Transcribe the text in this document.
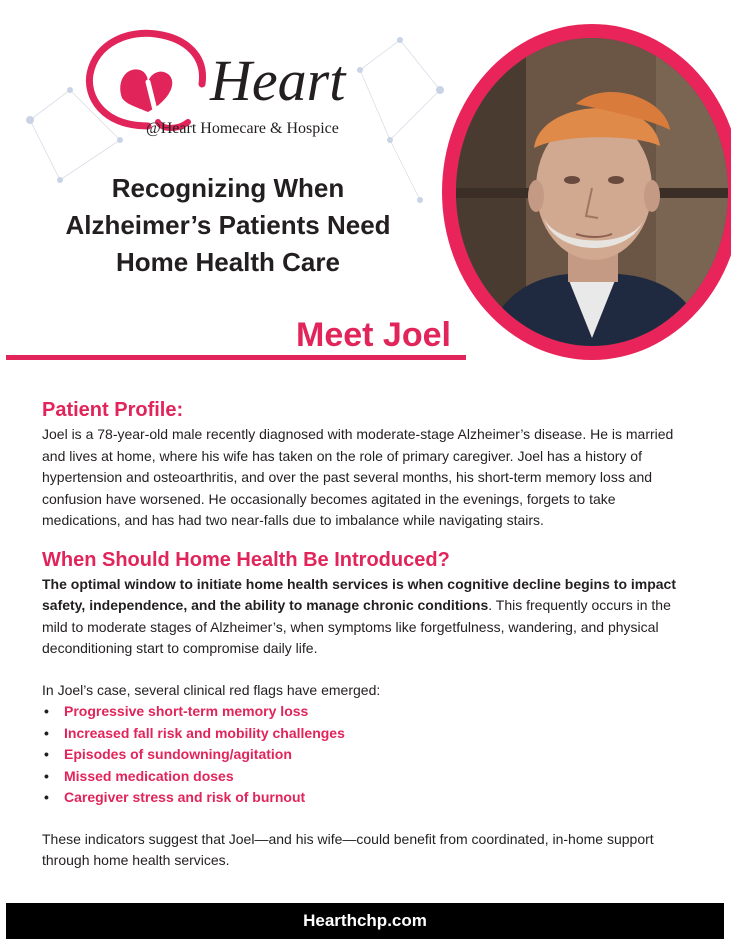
Heart
@Heart Homecare & Hospice
Recognizing When
Alzheimer’s Patients Need
Home Health Care
Meet Joel
Patient Profile:

Joel is a 78-year-old male recently diagnosed with moderate-stage Alzheimer’s disease. He is married and lives at home, where his wife has taken on the role of primary caregiver. Joel has a history of hypertension and osteoarthritis, and over the past several months, his short-term memory loss and confusion have worsened. He occasionally becomes agitated in the evenings, forgets to take medications, and has had two near-falls due to imbalance while navigating stairs.

When Should Home Health Be Introduced?

The optimal window to initiate home health services is when cognitive decline begins to impact safety, independence, and the ability to manage chronic conditions. This frequently occurs in the mild to moderate stages of Alzheimer’s, when symptoms like forgetfulness, wandering, and physical deconditioning start to compromise daily life.

In Joel’s case, several clinical red flags have emerged:

• Progressive short-term memory loss
• Increased fall risk and mobility challenges
• Episodes of sundowning/agitation
• Missed medication doses
• Caregiver stress and risk of burnout

These indicators suggest that Joel—and his wife—could benefit from coordinated, in-home support through home health services.

Hearthchp.com
